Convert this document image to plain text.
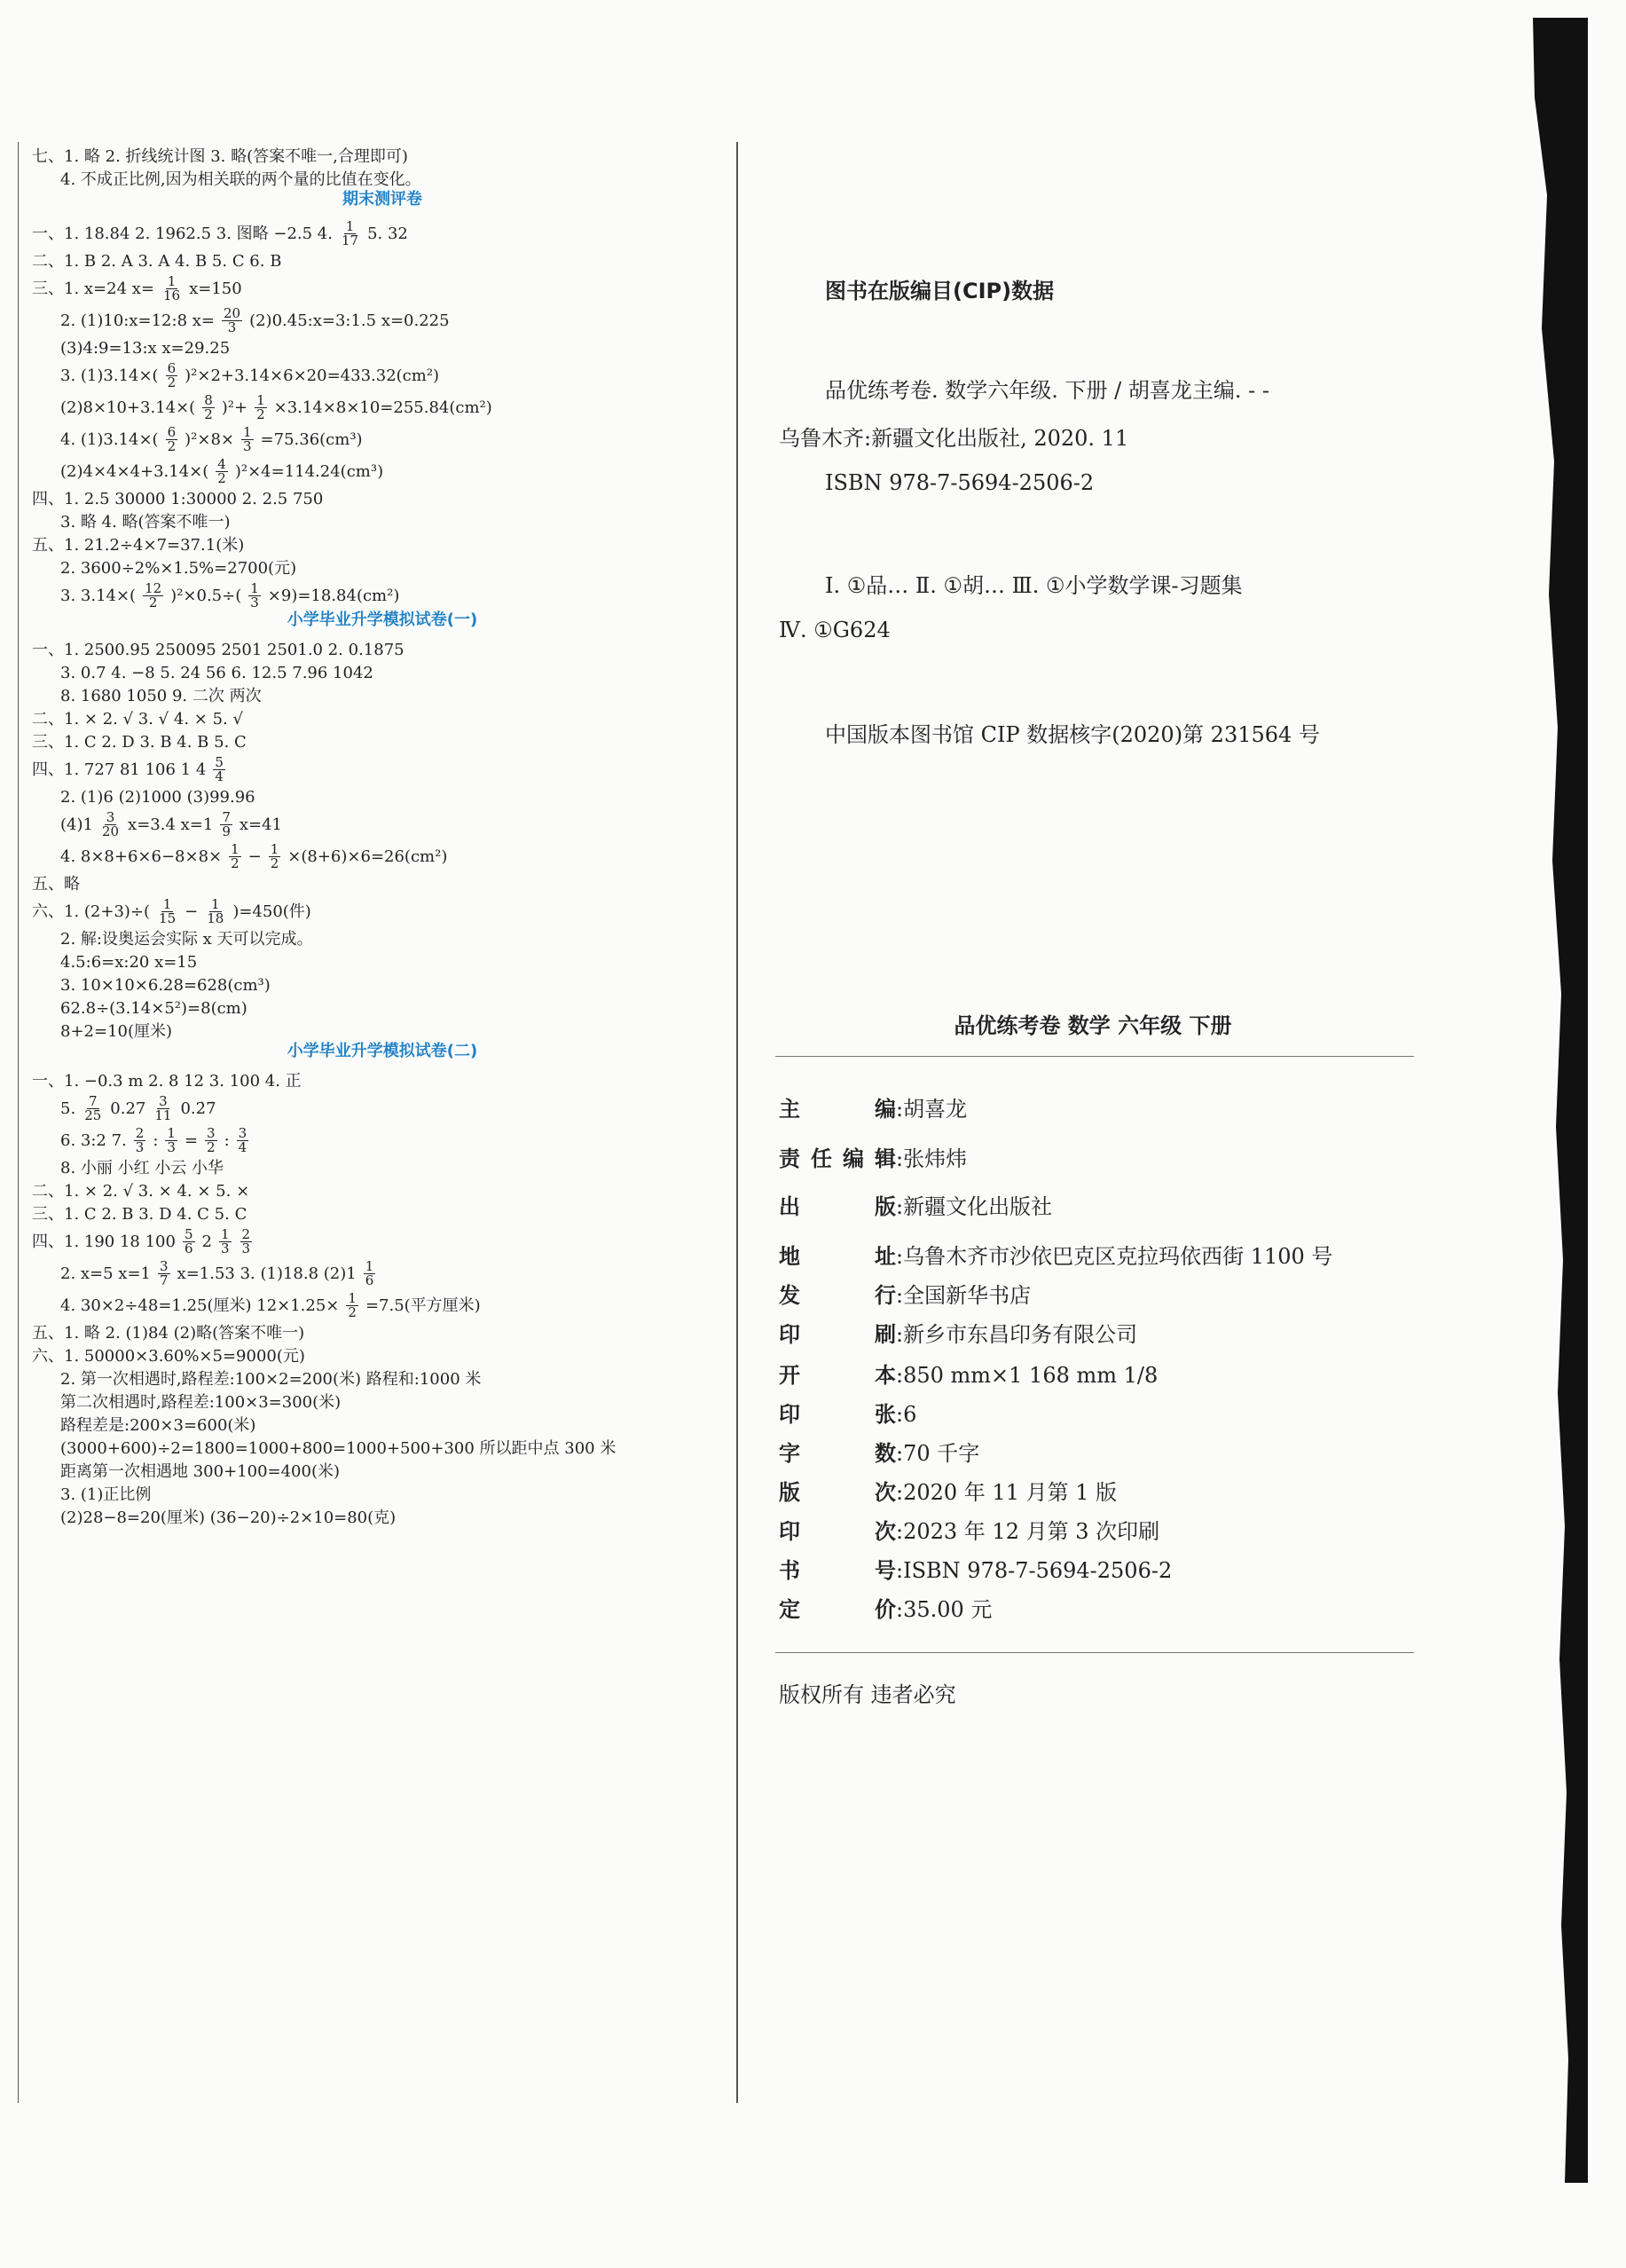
七、1. 略 2. 折线统计图 3. 略(答案不唯一,合理即可)
4. 不成正比例,因为相关联的两个量的比值在变化。
期末测评卷
一、1. 18.84 2. 1962.5 3. 图略 −2.5 4. $\frac{1}{17} 5$. 32
二、1. B 2. A 3. A 4. B 5. C 6. B
三、1. x=24 $x= \frac{1}{16} x=150$
2. (1)10:x=12:8 $x= \frac{20}{3}$ (2)0.45:x=3:1.5 x=0.225
(3)4:9=13:x x=29.25
3. $(1)3.14\times( \frac{6}{2} )^2\times 2+3.14\times 6\times 20=433.32(cm^2)$
$(2)8\times 10+3.14\times( \frac{8}{2} )^2+ \frac{1}{2} \times 3.14\times 8\times 10=255.84(cm^2)$
4. $(1)3.14\times( \frac{6}{2} )^2\times 8\times \frac{1}{3} =75.36(cm^3)$
$(2)4\times 4\times 4+3.14\times( \frac{4}{2} )^2\times 4=114.24(cm^3)$
四、1. 2.5 30000 1:30000 2. 2.5 750
3. 略 4. 略(答案不唯一)
五、1. 21.2÷4×7=37.1(米)
2. 3600÷2%×1.5%=2700(元)
3. $3.14\times( \frac{12}{2} )^2\times 0.5\div( \frac{1}{3} \times 9)=18.84(cm^2)$
小学毕业升学模拟试卷(一)
一、1. 2500.95 250095 2501 2501.0 2. 0.1875
3. 0.7 4. −8 5. 24 56 6. 12.5 7.96 1042
8. 1680 1050 9. 二次 两次
二、1. × 2. √ 3. √ 4. × 5. √
三、1. C 2. D 3. B 4. B 5. C
四、1. 727 81 106 1 $4 \frac{5}{4}$
2. (1)6 (2)1000 (3)99.96
$(4)1 \frac{3}{20} x=3.4$ $x=1 \frac{7}{9} x=41$
4. $8\times 8+6\times 6-8\times 8\times \frac{1}{2} - \frac{1}{2} \times(8+6)\times 6=26(cm^2)$
五、略
六、1. $(2+3)\div( \frac{1}{15} - \frac{1}{18} )=450$(件)
2. 解:设奥运会实际 x 天可以完成。
4.5:6=x:20 x=15
3. 10×10×6.28=628(cm³)
62.8÷(3.14×5²)=8(cm)
8+2=10(厘米)
小学毕业升学模拟试卷(二)
一、1. −0.3 m 2. 8 12 3. 100 4. 正
5. $\frac{7}{25} 0.27 \frac{3}{11}$ 0.2̇7̇
6. 3:2 7. $\frac{2}{3}$ : $\frac{1}{3} = \frac{3}{2}$ : $\frac{3}{4}$
8. 小丽 小红 小云 小华
二、1. × 2. √ 3. × 4. × 5. ×
三、1. C 2. B 3. D 4. C 5. C
四、1. 190 18 $100 \frac{5}{6} 2 \frac{1}{3} \frac{2}{3}$
2. x=5 $x=1 \frac{3}{7} x=1.53$ 3. (1)18.8 $(2)1 \frac{1}{6}$
4. 30×2÷48=1.25(厘米) $12\times 1.25\times \frac{1}{2} =7.5$(平方厘米)
五、1. 略 2. (1)84 (2)略(答案不唯一)
六、1. 50000×3.60%×5=9000(元)
2. 第一次相遇时,路程差:100×2=200(米) 路程和:1000 米
第二次相遇时,路程差:100×3=300(米)
路程差是:200×3=600(米)
(3000+600)÷2=1800=1000+800=1000+500+300 所以距中点 300 米
距离第一次相遇地 300+100=400(米)
3. (1)正比例
(2)28−8=20(厘米) (36−20)÷2×10=80(克)
图书在版编目(CIP)数据
品优练考卷. 数学六年级. 下册 / 胡喜龙主编. - -
乌鲁木齐:新疆文化出版社, 2020. 11
ISBN 978-7-5694-2506-2
Ⅰ. ①品… Ⅱ. ①胡… Ⅲ. ①小学数学课-习题集
Ⅳ. ①G624
中国版本图书馆 CIP 数据核字(2020)第 231564 号
品优练考卷 数学 六年级 下册
主编:胡喜龙
责任编辑:张炜炜
出版:新疆文化出版社
地址:乌鲁木齐市沙依巴克区克拉玛依西街 1100 号
发行:全国新华书店
印刷:新乡市东昌印务有限公司
开本:850 mm×1 168 mm 1/8
印张:6
字数:70 千字
版次:2020 年 11 月第 1 版
印次:2023 年 12 月第 3 次印刷
书号:ISBN 978-7-5694-2506-2
定价:35.00 元
版权所有 违者必究
